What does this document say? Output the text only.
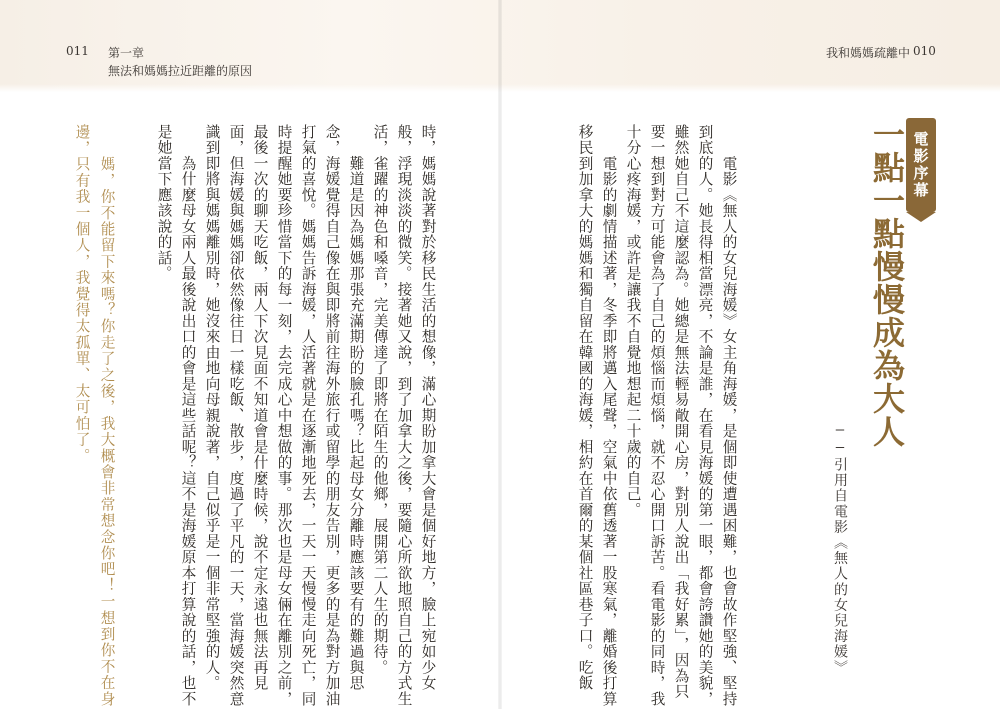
011 第一章
無法和媽媽拉近距離的原因
我和媽媽疏離中 010
電影序幕
一點一點慢慢成為大人
——引用自電影《無人的女兒海媛》
　　電影《無人的女兒海媛》女主角海媛，是個即使遭遇困難，也會故作堅強、堅持
到底的人。她長得相當漂亮，不論是誰，在看見海媛的第一眼，都會誇讚她的美貌，
雖然她自己不這麼認為。她總是無法輕易敞開心房，對別人說出「我好累」，因為只
要一想到對方可能會為了自己的煩惱而煩惱，就不忍心開口訴苦。看電影的同時，我
十分心疼海媛，或許是讓我不自覺地想起二十歲的自己。
　　電影的劇情描述著，冬季即將邁入尾聲，空氣中依舊透著一股寒氣，離婚後打算
移民到加拿大的媽媽和獨自留在韓國的海媛，相約在首爾的某個社區巷子口。吃飯
時，媽媽說著對於移民生活的想像，滿心期盼加拿大會是個好地方，臉上宛如少女
般，浮現淡淡的微笑。接著她又說，到了加拿大之後，要隨心所欲地照自己的方式生
活，雀躍的神色和嗓音，完美傳達了即將在陌生的他鄉，展開第二人生的期待。
　　難道是因為媽媽那張充滿期盼的臉孔嗎？比起母女分離時應該要有的難過與思
念，海媛覺得自己像在與即將前往海外旅行或留學的朋友告別，更多的是為對方加油
打氣的喜悅。媽媽告訴海媛，人活著就是在逐漸地死去，一天一天慢慢走向死亡，同
時提醒她要珍惜當下的每一刻，去完成心中想做的事。那次也是母女倆在離別之前，
最後一次的聊天吃飯，兩人下次見面不知道會是什麼時候，說不定永遠也無法再見
面，但海媛與媽媽卻依然像往日一樣吃飯、散步，度過了平凡的一天，當海媛突然意
識到即將與媽媽離別時，她沒來由地向母親說著，自己似乎是一個非常堅強的人。
　　為什麼母女兩人最後說出口的會是這些話呢？這不是海媛原本打算說的話，也不
是她當下應該說的話。
　　媽，你不能留下來嗎？你走了之後，我大概會非常想念你吧！一想到你不在身
邊，只有我一個人，我覺得太孤單、太可怕了。
